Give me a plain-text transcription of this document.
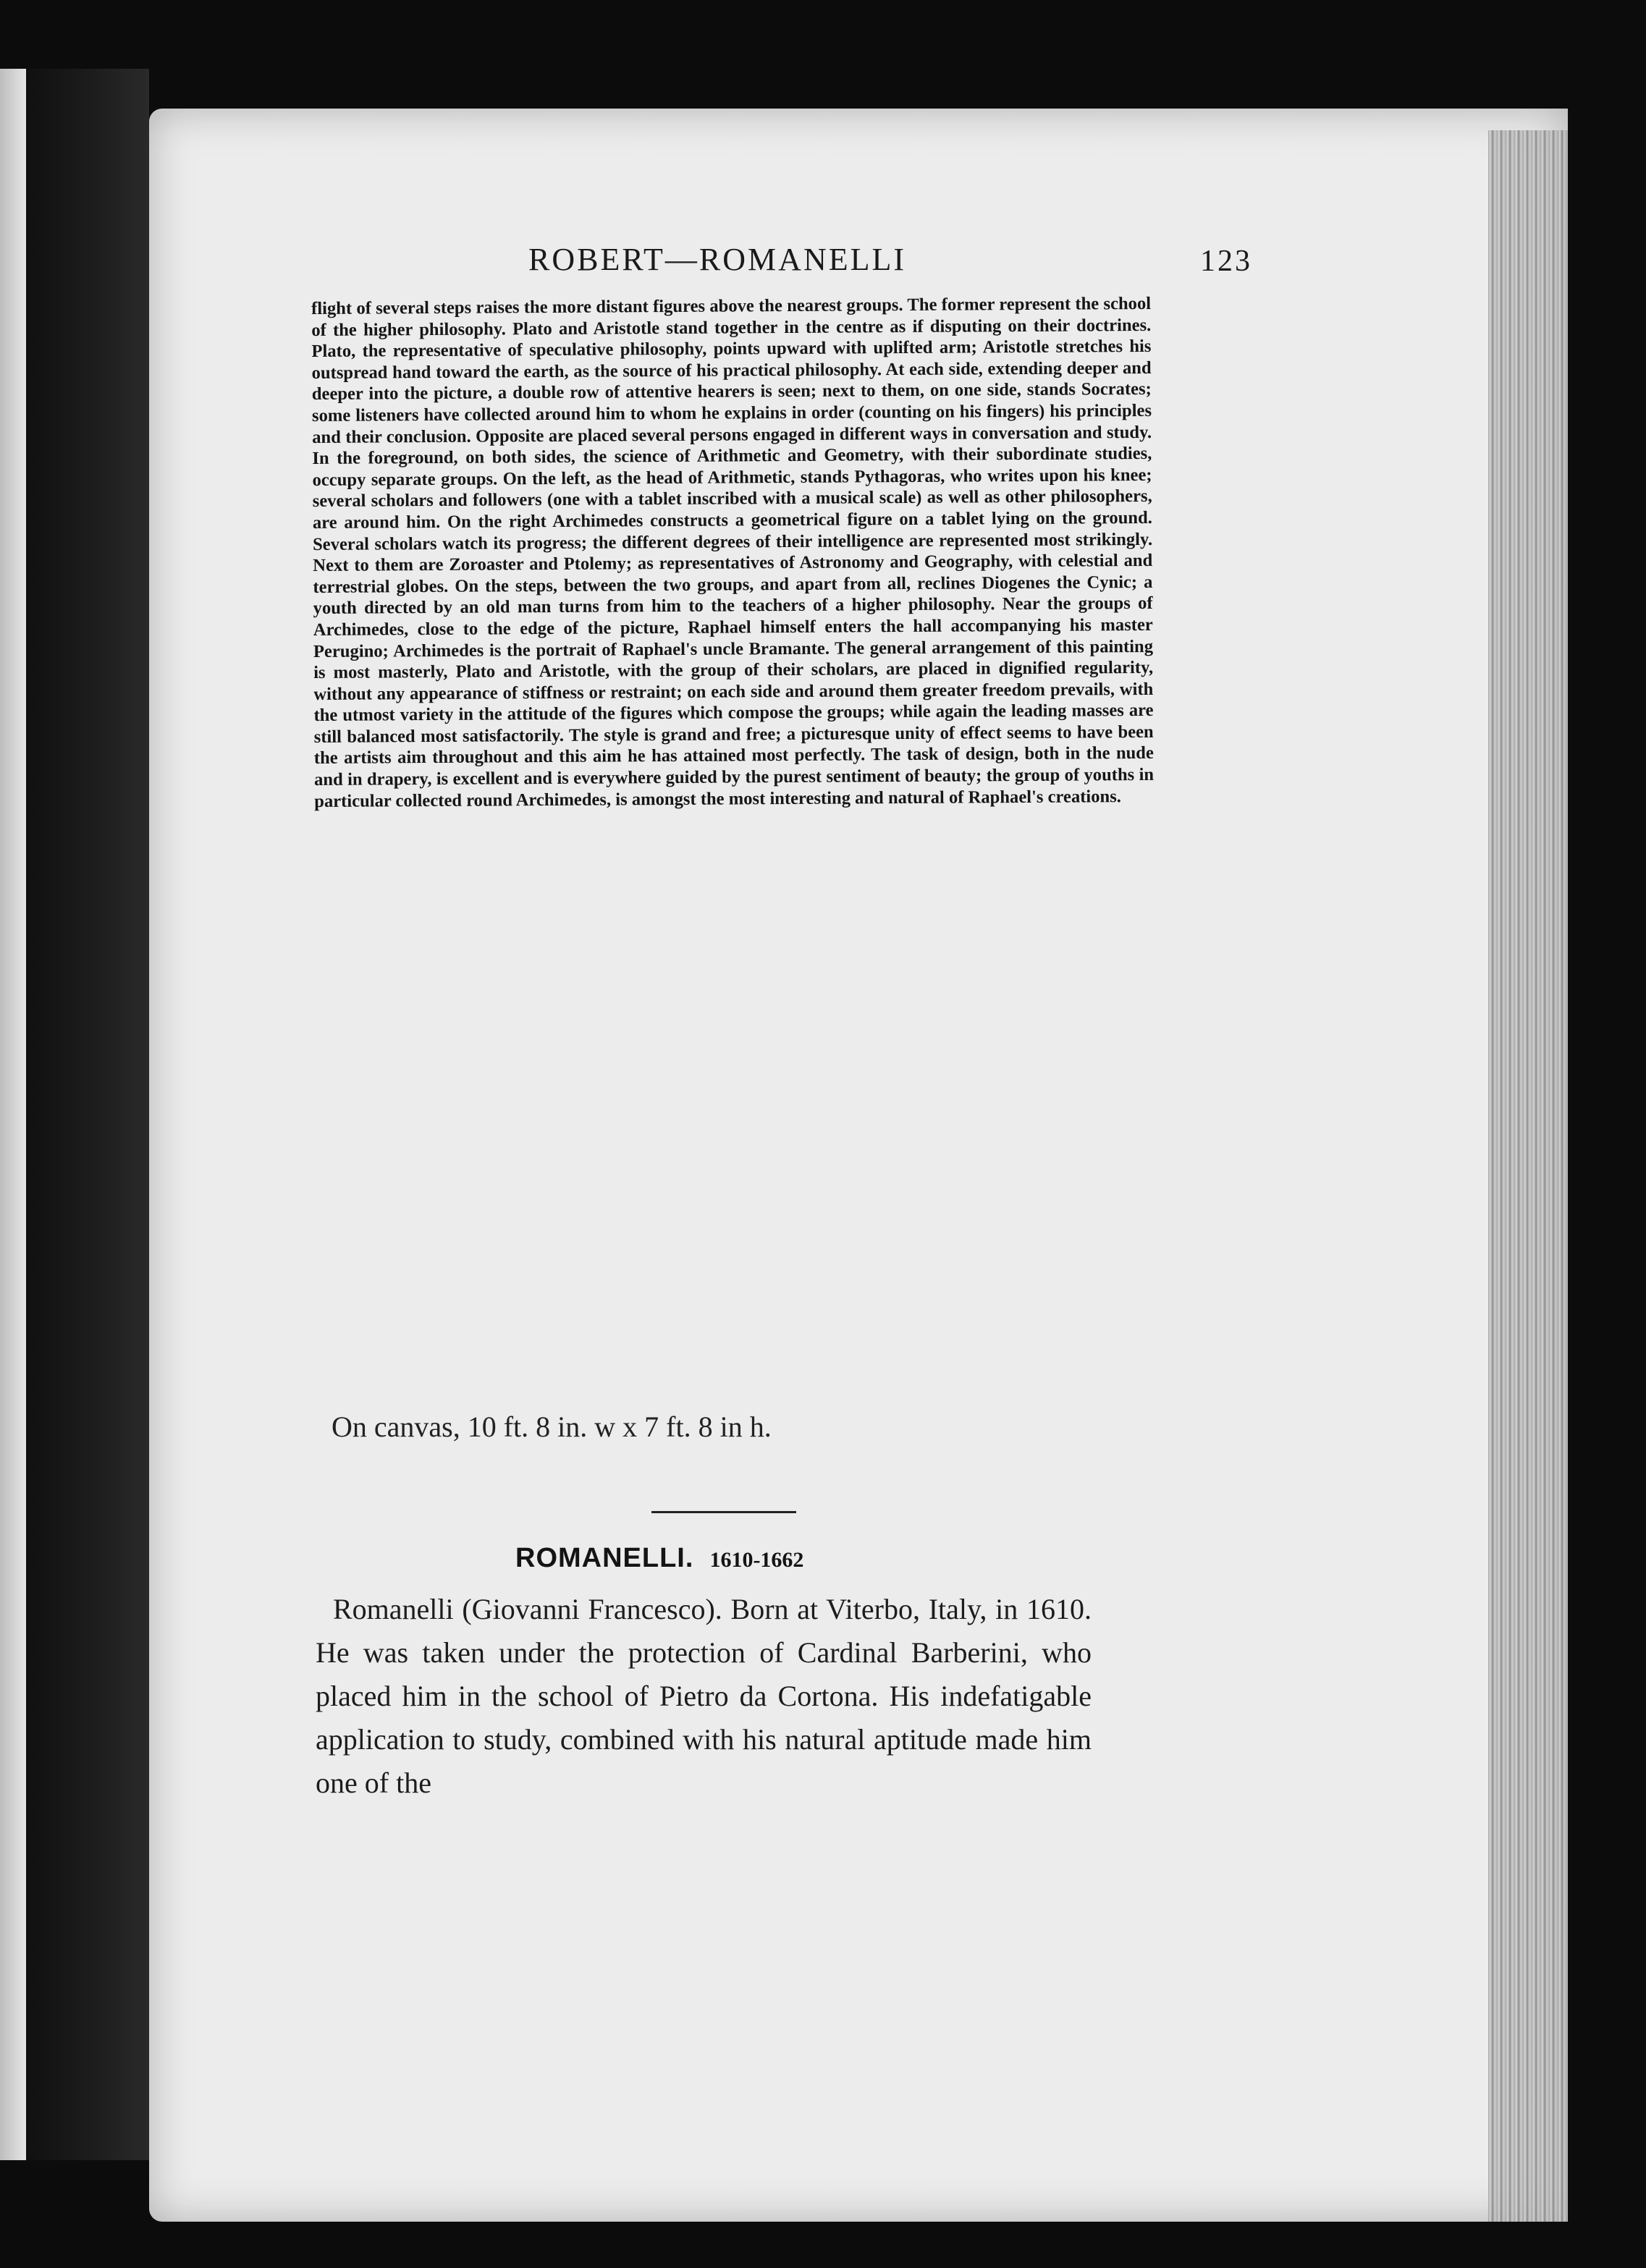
ROBERT—ROMANELLI	123
flight of several steps raises the more distant figures above the nearest groups. The former represent the school of the higher philosophy. Plato and Aristotle stand together in the centre as if disputing on their doctrines. Plato, the representative of speculative philosophy, points upward with uplifted arm; Aristotle stretches his outspread hand toward the earth, as the source of his practical philosophy. At each side, extending deeper and deeper into the picture, a double row of attentive hearers is seen; next to them, on one side, stands Socrates; some listeners have collected around him to whom he explains in order (counting on his fingers) his principles and their conclusion. Opposite are placed several persons engaged in different ways in conversation and study. In the foreground, on both sides, the science of Arithmetic and Geometry, with their subordinate studies, occupy separate groups. On the left, as the head of Arithmetic, stands Pythagoras, who writes upon his knee; several scholars and followers (one with a tablet inscribed with a musical scale) as well as other philosophers, are around him. On the right Archimedes constructs a geometrical figure on a tablet lying on the ground. Several scholars watch its progress; the different degrees of their intelligence are represented most strikingly. Next to them are Zoroaster and Ptolemy; as representatives of Astronomy and Geography, with celestial and terrestrial globes. On the steps, between the two groups, and apart from all, reclines Diogenes the Cynic; a youth directed by an old man turns from him to the teachers of a higher philosophy. Near the groups of Archimedes, close to the edge of the picture, Raphael himself enters the hall accompanying his master Perugino; Archimedes is the portrait of Raphael's uncle Bramante. The general arrangement of this painting is most masterly, Plato and Aristotle, with the group of their scholars, are placed in dignified regularity, without any appearance of stiffness or restraint; on each side and around them greater freedom prevails, with the utmost variety in the attitude of the figures which compose the groups; while again the leading masses are still balanced most satisfactorily. The style is grand and free; a picturesque unity of effect seems to have been the artists aim throughout and this aim he has attained most perfectly. The task of design, both in the nude and in drapery, is excellent and is everywhere guided by the purest sentiment of beauty; the group of youths in particular collected round Archimedes, is amongst the most interesting and natural of Raphael's creations.
On canvas, 10 ft. 8 in. w x 7 ft. 8 in h.
ROMANELLI. 1610-1662
Romanelli (Giovanni Francesco). Born at Viterbo, Italy, in 1610. He was taken under the protection of Cardinal Barberini, who placed him in the school of Pietro da Cortona. His indefatigable application to study, combined with his natural aptitude made him one of the
